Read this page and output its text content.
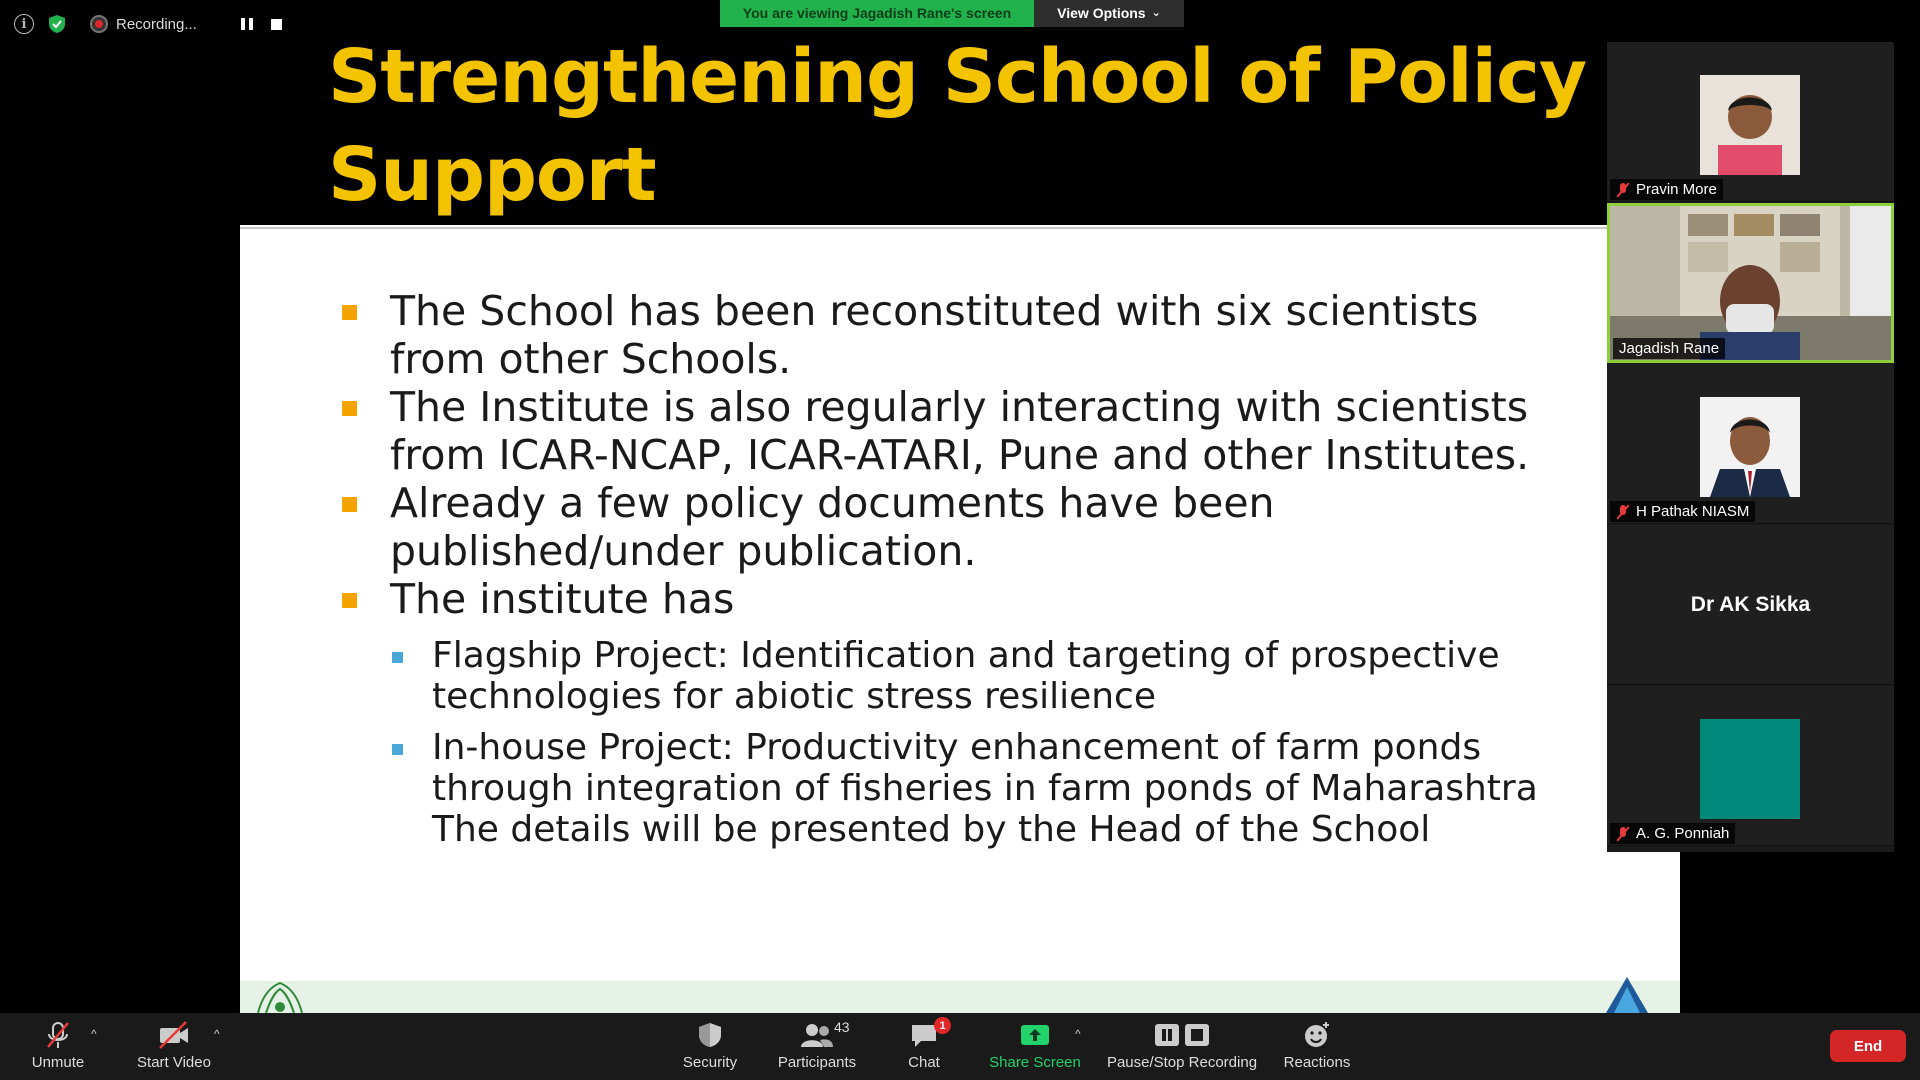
i	Recording...
You are viewing Jagadish Rane's screen	View Options ⌄
Strengthening School of Policy
Support
The School has been reconstituted with six scientists from other Schools.
The Institute is also regularly interacting with scientists from ICAR-NCAP, ICAR-ATARI, Pune and other Institutes.
Already a few policy documents have been published/under publication.
The institute has
Flagship Project: Identification and targeting of prospective technologies for abiotic stress resilience
In-house Project: Productivity enhancement of farm ponds through integration of fisheries in farm ponds of Maharashtra The details will be presented by the Head of the School
Pravin More
Jagadish Rane
H Pathak NIASM
Dr AK Sikka
A. G. Ponniah
Unmute
^
Start Video
^
Security
43
Participants
1
Chat	Share Screen
^
Pause/Stop Recording Reactions
End
